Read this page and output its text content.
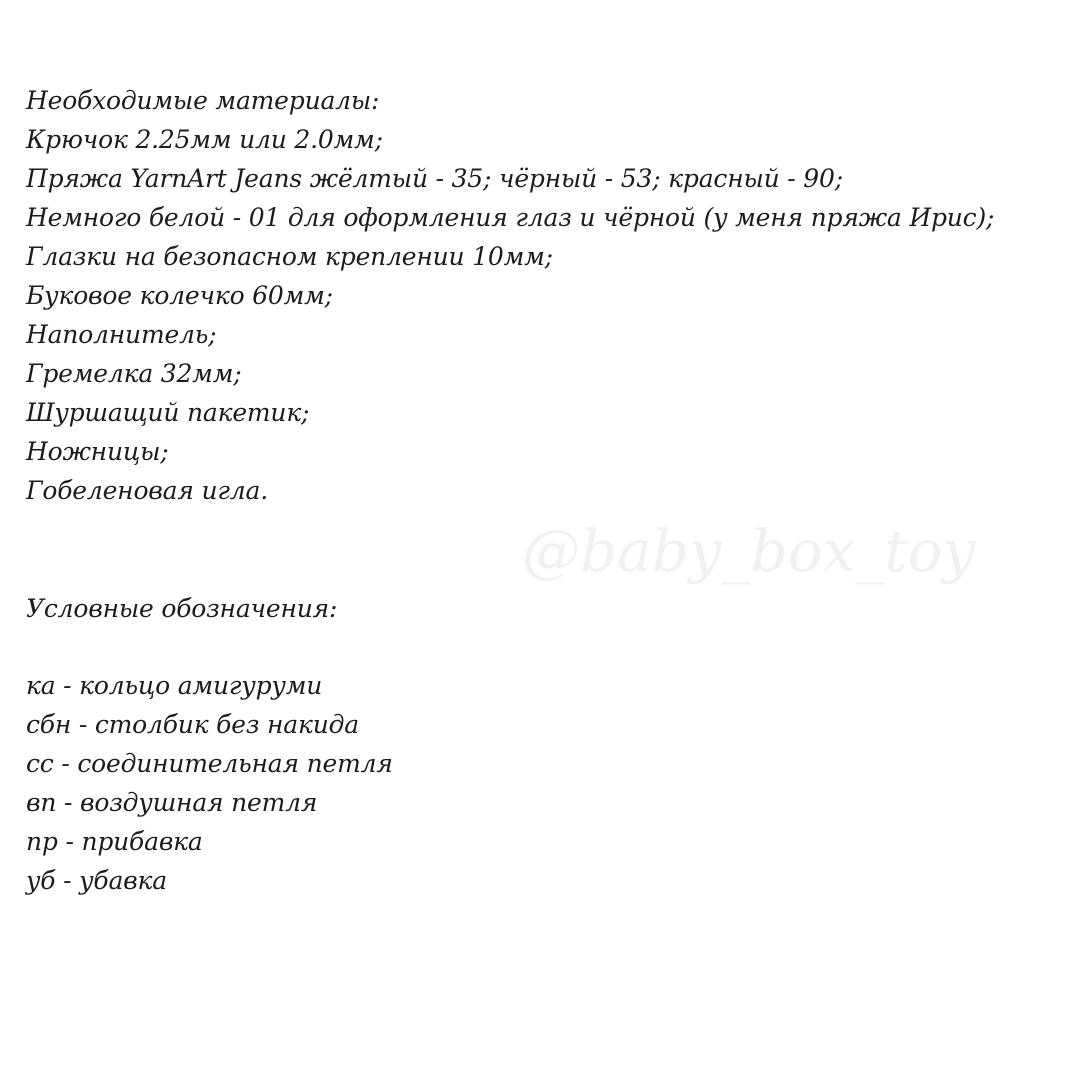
@baby_box_toy
Необходимые материалы:
Крючок 2.25мм или 2.0мм;
Пряжа YarnArt Jeans жёлтый - 35; чёрный - 53; красный - 90;
Немного белой - 01 для оформления глаз и чёрной (у меня пряжа Ирис);
Глазки на безопасном креплении 10мм;
Буковое колечко 60мм;
Наполнитель;
Гремелка 32мм;
Шуршащий пакетик;
Ножницы;
Гобеленовая игла.
Условные обозначения:
ка - кольцо амигуруми
сбн - столбик без накида
сс - соединительная петля
вп - воздушная петля
пр - прибавка
уб - убавка
